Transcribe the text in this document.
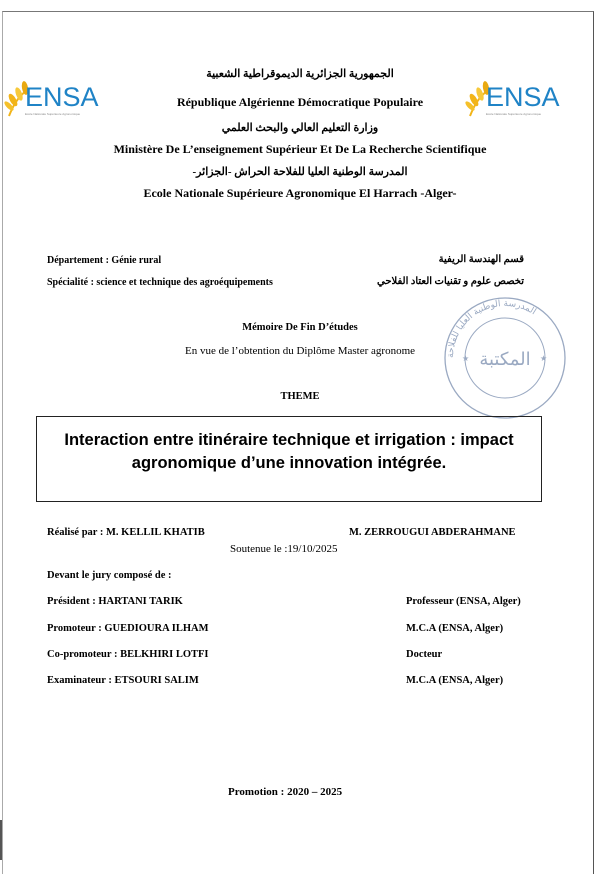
ENSA
Ecole Nationale Supérieure Agronomique
ENSA
Ecole Nationale Supérieure Agronomique
الجمهورية الجزائرية الديموقراطية الشعبية
République Algérienne Démocratique Populaire
وزارة التعليم العالي والبحث العلمي
Ministère De L’enseignement Supérieur Et De La Recherche Scientifique
المدرسة الوطنية العليا للفلاحة الحراش -الجزائر-
Ecole Nationale Supérieure Agronomique El Harrach -Alger-
Département : Génie rural	قسم الهندسة الريفية
Spécialité : science et technique des agroéquipements	تخصص علوم و تقنيات العتاد الفلاحي
المدرسة الوطنية العليا للفلاحة
المكتبة
★	★
Mémoire De Fin D’études
En vue de l’obtention du Diplôme Master agronome
THEME
Interaction entre itinéraire technique et irrigation : impact agronomique d’une innovation intégrée.
Réalisé par : M. KELLIL KHATIB	M. ZERROUGUI ABDERAHMANE
Soutenue le :19/10/2025
Devant le jury composé de :
Président : HARTANI TARIK	Professeur (ENSA, Alger)
Promoteur : GUEDIOURA ILHAM	M.C.A (ENSA, Alger)
Co-promoteur : BELKHIRI LOTFI	Docteur
Examinateur : ETSOURI SALIM	M.C.A (ENSA, Alger)
Promotion : 2020 – 2025
